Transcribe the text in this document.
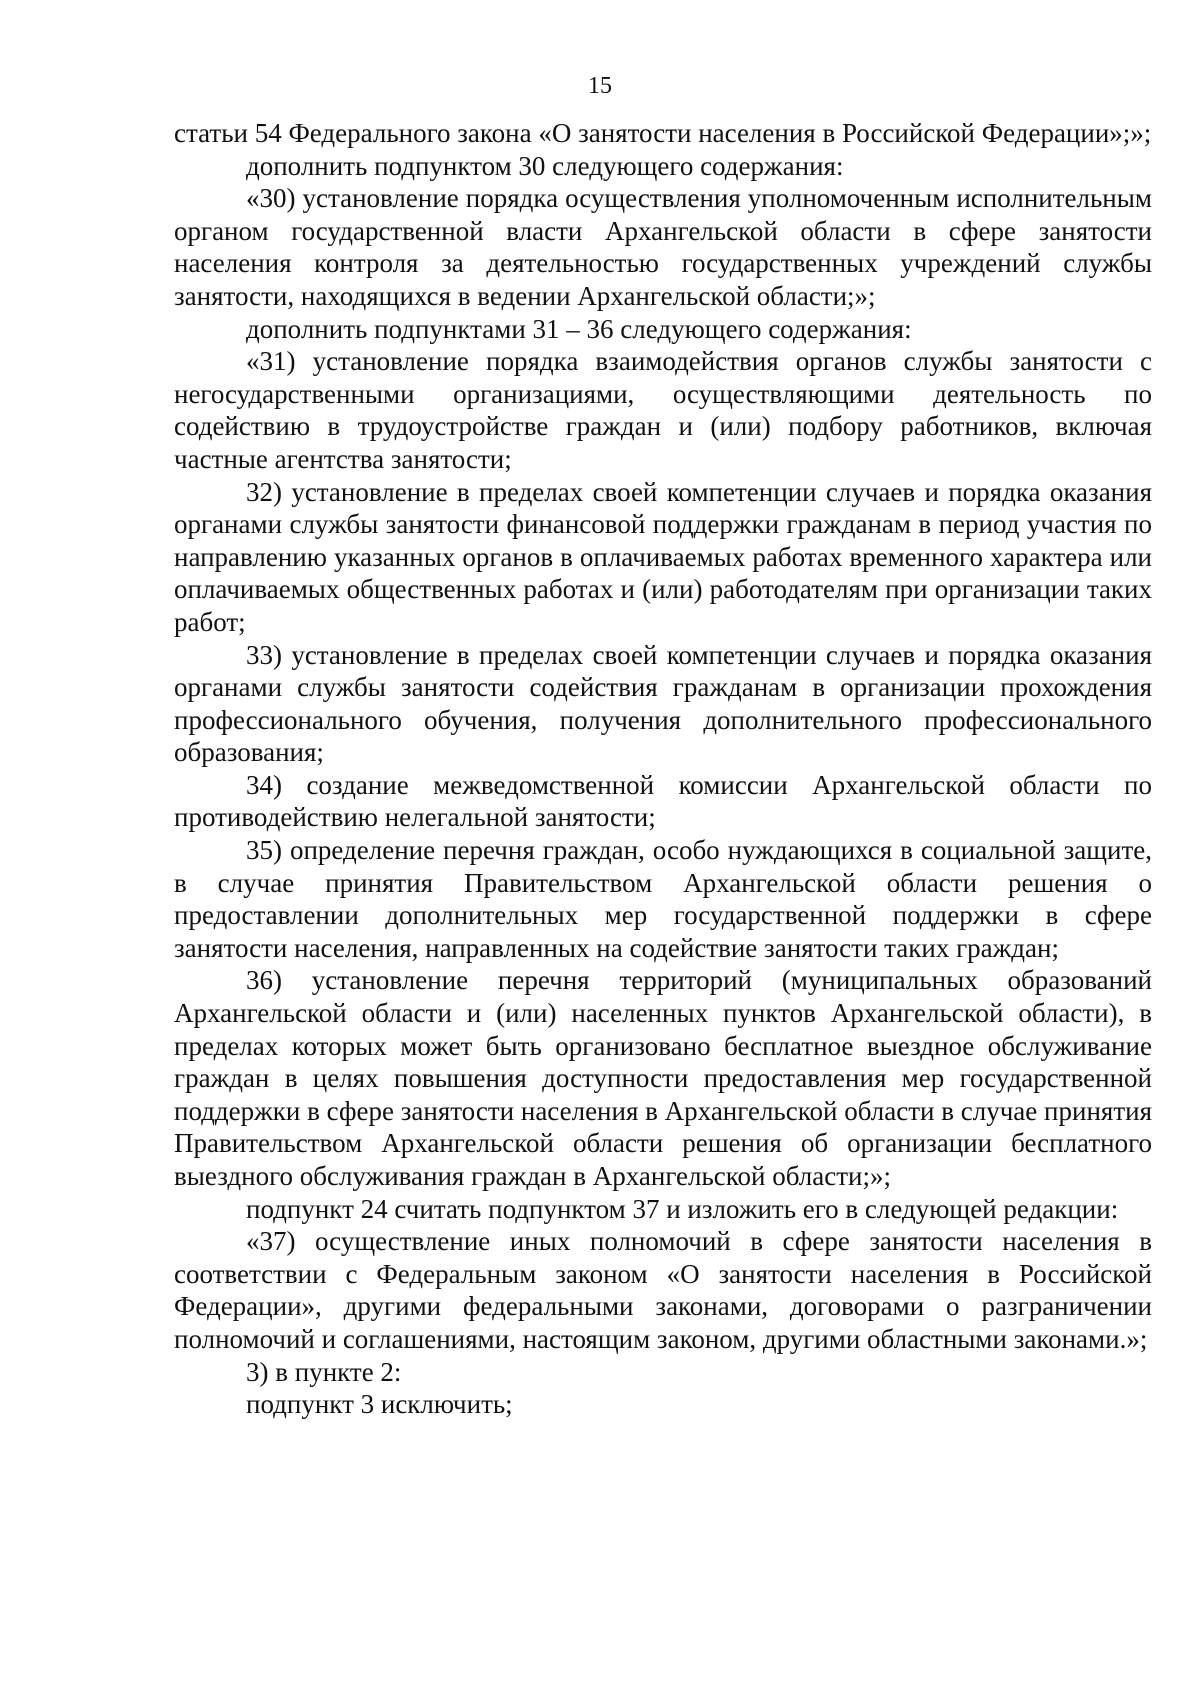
15

статьи 54 Федерального закона «О занятости населения в Российской Федерации»;»;

дополнить подпунктом 30 следующего содержания:

«30) установление порядка осуществления уполномоченным исполнительным органом государственной власти Архангельской области в сфере занятости населения контроля за деятельностью государственных учреждений службы занятости, находящихся в ведении Архангельской области;»;

дополнить подпунктами 31 – 36 следующего содержания:

«31) установление порядка взаимодействия органов службы занятости с негосударственными организациями, осуществляющими деятельность по содействию в трудоустройстве граждан и (или) подбору работников, включая частные агентства занятости;

32) установление в пределах своей компетенции случаев и порядка оказания органами службы занятости финансовой поддержки гражданам в период участия по направлению указанных органов в оплачиваемых работах временного характера или оплачиваемых общественных работах и (или) работодателям при организации таких работ;

33) установление в пределах своей компетенции случаев и порядка оказания органами службы занятости содействия гражданам в организации прохождения профессионального обучения, получения дополнительного профессионального образования;

34) создание межведомственной комиссии Архангельской области по противодействию нелегальной занятости;

35) определение перечня граждан, особо нуждающихся в социальной защите, в случае принятия Правительством Архангельской области решения о предоставлении дополнительных мер государственной поддержки в сфере занятости населения, направленных на содействие занятости таких граждан;

36) установление перечня территорий (муниципальных образований Архангельской области и (или) населенных пунктов Архангельской области), в пределах которых может быть организовано бесплатное выездное обслуживание граждан в целях повышения доступности предоставления мер государственной поддержки в сфере занятости населения в Архангельской области в случае принятия Правительством Архангельской области решения об организации бесплатного выездного обслуживания граждан в Архангельской области;»;

подпункт 24 считать подпунктом 37 и изложить его в следующей редакции:

«37) осуществление иных полномочий в сфере занятости населения в соответствии с Федеральным законом «О занятости населения в Российской Федерации», другими федеральными законами, договорами о разграничении полномочий и соглашениями, настоящим законом, другими областными законами.»;

3) в пункте 2:

подпункт 3 исключить;
